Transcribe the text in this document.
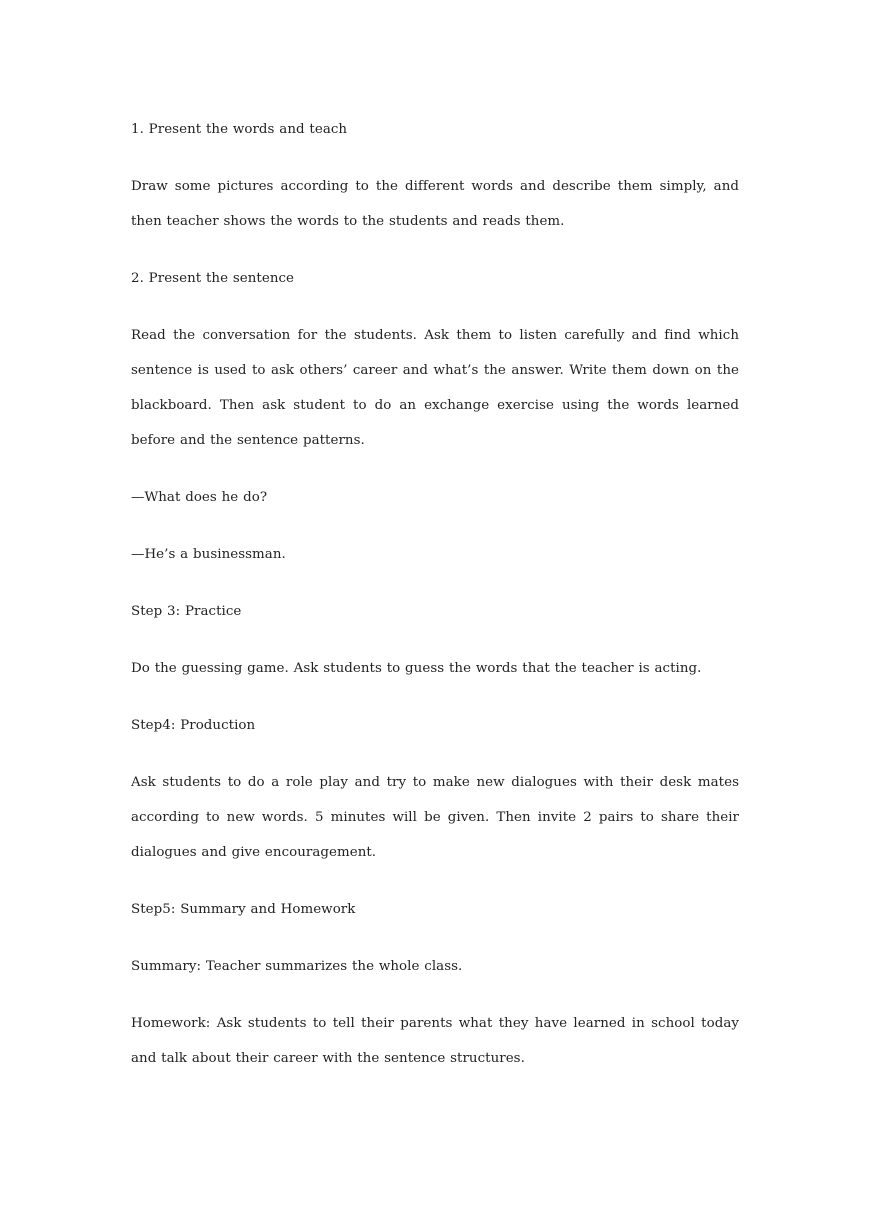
1. Present the words and teach

Draw some pictures according to the different words and describe them simply, and then teacher shows the words to the students and reads them.

2. Present the sentence

Read the conversation for the students. Ask them to listen carefully and find which sentence is used to ask others’ career and what’s the answer. Write them down on the blackboard. Then ask student to do an exchange exercise using the words learned before and the sentence patterns.

—What does he do?

—He’s a businessman.

Step 3: Practice

Do the guessing game. Ask students to guess the words that the teacher is acting.

Step4: Production

Ask students to do a role play and try to make new dialogues with their desk mates according to new words. 5 minutes will be given. Then invite 2 pairs to share their dialogues and give encouragement.

Step5: Summary and Homework

Summary: Teacher summarizes the whole class.

Homework: Ask students to tell their parents what they have learned in school today and talk about their career with the sentence structures.
